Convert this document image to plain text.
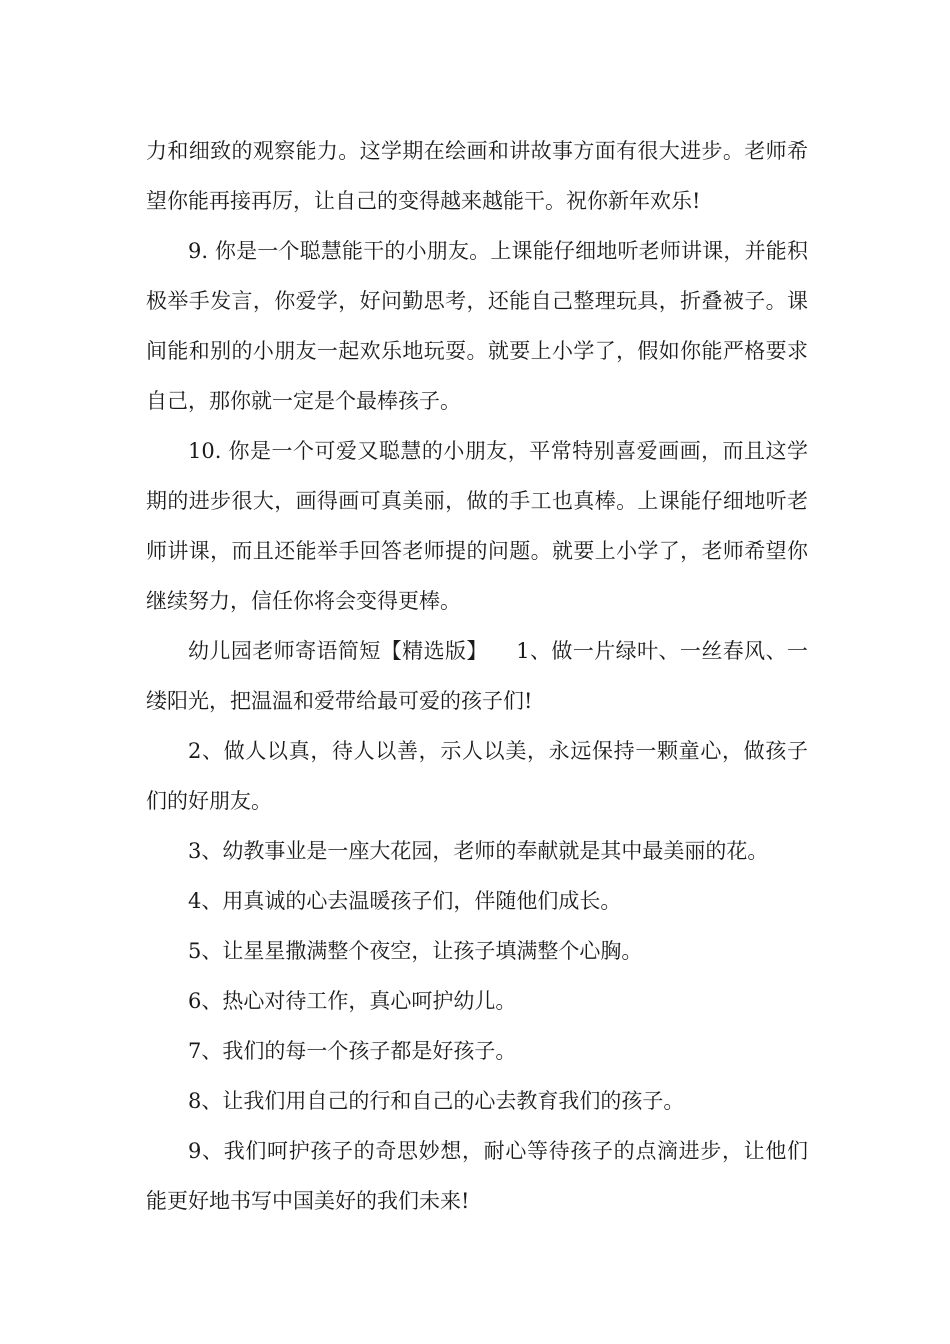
力和细致的观察能力。这学期在绘画和讲故事方面有很大进步。老师希望你能再接再厉，让自己的变得越来越能干。祝你新年欢乐!

9. 你是一个聪慧能干的小朋友。上课能仔细地听老师讲课，并能积极举手发言，你爱学，好问勤思考，还能自己整理玩具，折叠被子。课间能和别的小朋友一起欢乐地玩耍。就要上小学了，假如你能严格要求自己，那你就一定是个最棒孩子。

10. 你是一个可爱又聪慧的小朋友，平常特别喜爱画画，而且这学期的进步很大，画得画可真美丽，做的手工也真棒。上课能仔细地听老师讲课，而且还能举手回答老师提的问题。就要上小学了，老师希望你继续努力，信任你将会变得更棒。

幼儿园老师寄语简短【精选版】    1、做一片绿叶、一丝春风、一缕阳光，把温温和爱带给最可爱的孩子们!

2、做人以真，待人以善，示人以美，永远保持一颗童心，做孩子们的好朋友。

3、幼教事业是一座大花园，老师的奉献就是其中最美丽的花。

4、用真诚的心去温暖孩子们，伴随他们成长。

5、让星星撒满整个夜空，让孩子填满整个心胸。

6、热心对待工作，真心呵护幼儿。

7、我们的每一个孩子都是好孩子。

8、让我们用自己的行和自己的心去教育我们的孩子。

9、我们呵护孩子的奇思妙想，耐心等待孩子的点滴进步，让他们能更好地书写中国美好的我们未来!
